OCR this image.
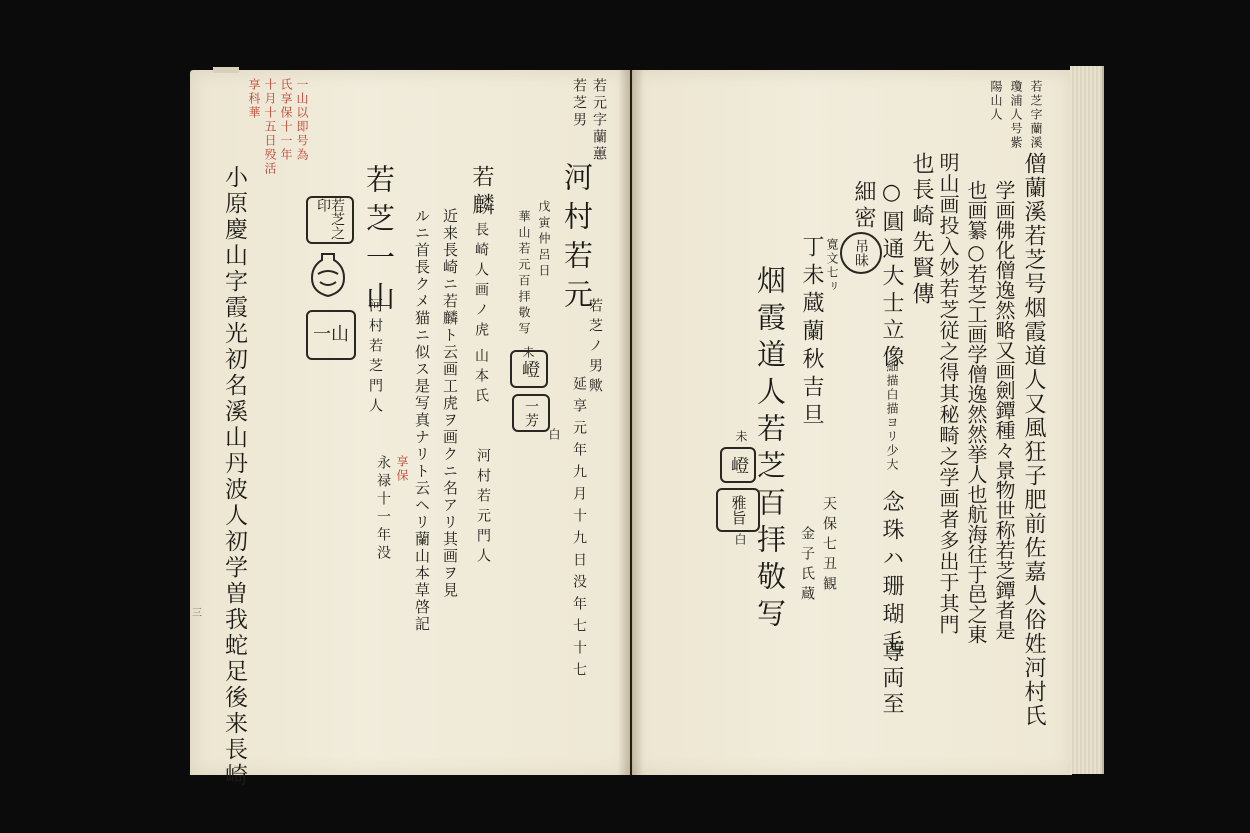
若芝字蘭溪
瓊浦人号紫
陽山人
僧蘭溪若芝号烟霞道人又風狂子肥前佐嘉人俗姓河村氏
学画佛化僧逸然略又画劍鐔種々景物世称若芝鐔者是
也画纂○若芝工画学僧逸然然挙人也航海往于邑之東
明山画投入妙若芝従之得其秘畸之学画者多出于其門
也長崎先賢傳
○圓通大士立像
細描白描ヨリ少大
念珠ハ珊瑚毛
尊両至
細密
吊昧
寛文七ㇼ
丁未蔵蘭秋吉旦
烟霞道人若芝百拝敬写
未
嶝
雅旨
白	天保七丑観
金子氏蔵
若元字蘭蕙
若芝男
一山以即号為
氏享保十一年
十月十五日殁活
享科華
河村若元
若芝ノ男歟
延享元年九月十九日没年七十七
戊寅仲呂日
華山若元百拝敬写
未
嶝
一芳
白
若麟
長崎人画ノ虎
山本氏
河村若元門人
近来長崎ニ若麟ト云画工虎ヲ画クニ名アリ其画ヲ見
ルニ首長クメ猫ニ似ス是写真ナリト云ヘリ蘭山本草啓記
若芝一山
河村若芝門人
享保
永禄十一年没
若芝之印
一山
小原慶山字霞光初名溪山丹波人初学曽我蛇足後来長崎
三
